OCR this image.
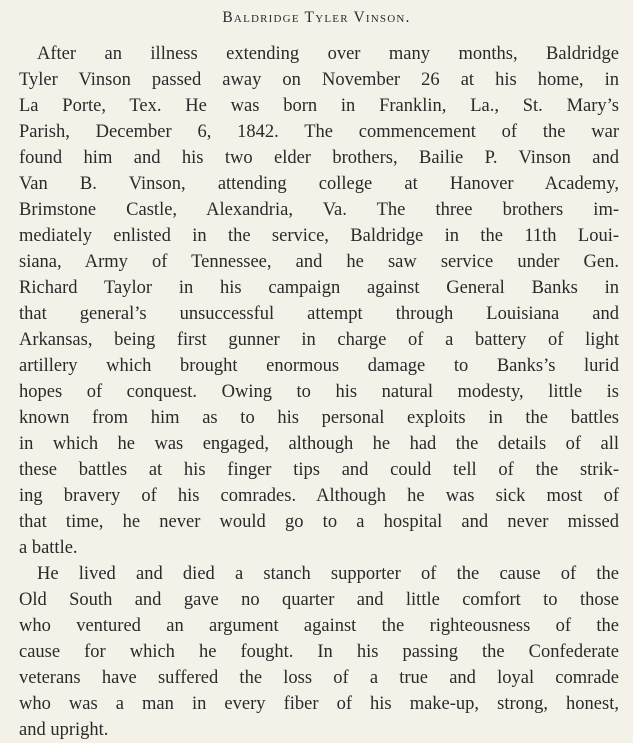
Baldridge Tyler Vinson.
After an illness extending over many months, Baldridge
Tyler Vinson passed away on November 26 at his home, in
La Porte, Tex. He was born in Franklin, La., St. Mary’s
Parish, December 6, 1842. The commencement of the war
found him and his two elder brothers, Bailie P. Vinson and
Van B. Vinson, attending college at Hanover Academy,
Brimstone Castle, Alexandria, Va. The three brothers im-
mediately enlisted in the service, Baldridge in the 11th Loui-
siana, Army of Tennessee, and he saw service under Gen.
Richard Taylor in his campaign against General Banks in
that general’s unsuccessful attempt through Louisiana and
Arkansas, being first gunner in charge of a battery of light
artillery which brought enormous damage to Banks’s lurid
hopes of conquest. Owing to his natural modesty, little is
known from him as to his personal exploits in the battles
in which he was engaged, although he had the details of all
these battles at his finger tips and could tell of the strik-
ing bravery of his comrades. Although he was sick most of
that time, he never would go to a hospital and never missed
a battle.
He lived and died a stanch supporter of the cause of the
Old South and gave no quarter and little comfort to those
who ventured an argument against the righteousness of the
cause for which he fought. In his passing the Confederate
veterans have suffered the loss of a true and loyal comrade
who was a man in every fiber of his make-up, strong, honest,
and upright.
